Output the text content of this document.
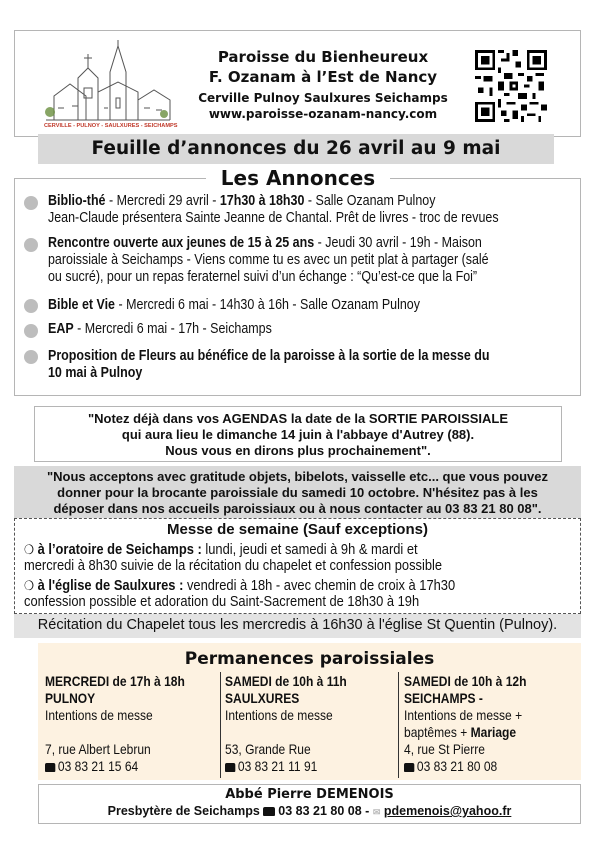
CERVILLE - PULNOY - SAULXURES - SEICHAMPS
Paroisse du Bienheureux
F. Ozanam à l’Est de Nancy
Cerville Pulnoy Saulxures Seichamps
www.paroisse-ozanam-nancy.com
Feuille d’annonces du 26 avril au 9 mai
Les Annonces
Biblio-thé - Mercredi 29 avril - 17h30 à 18h30 - Salle Ozanam Pulnoy
Jean-Claude présentera Sainte Jeanne de Chantal. Prêt de livres - troc de revues
Rencontre ouverte aux jeunes de 15 à 25 ans - Jeudi 30 avril - 19h - Maison
paroissiale à Seichamps - Viens comme tu es avec un petit plat à partager (salé
ou sucré), pour un repas feraternel suivi d’un échange : “Qu’est-ce que la Foi”
Bible et Vie - Mercredi 6 mai - 14h30 à 16h - Salle Ozanam Pulnoy
EAP - Mercredi 6 mai - 17h - Seichamps
Proposition de Fleurs au bénéfice de la paroisse à la sortie de la messe du
10 mai à Pulnoy
"Notez déjà dans vos AGENDAS la date de la SORTIE PAROISSIALE
qui aura lieu le dimanche 14 juin à l'abbaye d'Autrey (88).
Nous vous en dirons plus prochainement".
"Nous acceptons avec gratitude objets, bibelots, vaisselle etc... que vous pouvez
donner pour la brocante paroissiale du samedi 10 octobre. N'hésitez pas à les
déposer dans nos accueils paroissiaux ou à nous contacter au 03 83 21 80 08".
Messe de semaine (Sauf exceptions)
❍ à l’oratoire de Seichamps : lundi, jeudi et samedi à 9h & mardi et
mercredi à 8h30 suivie de la récitation du chapelet et confession possible
❍ à l'église de Saulxures : vendredi à 18h - avec chemin de croix à 17h30
confession possible et adoration du Saint-Sacrement de 18h30 à 19h
Récitation du Chapelet tous les mercredis à 16h30 à l'église St Quentin (Pulnoy).
Permanences paroissiales
MERCREDI de 17h à 18h
PULNOY
Intentions de messe
7, rue Albert Lebrun
03 83 21 15 64
SAMEDI de 10h à 11h
SAULXURES
Intentions de messe
53, Grande Rue
03 83 21 11 91
SAMEDI de 10h à 12h
SEICHAMPS -
Intentions de messe +
baptêmes + Mariage
4, rue St Pierre
03 83 21 80 08
Abbé Pierre DEMENOIS
Presbytère de Seichamps 03 83 21 80 08 - ✉ pdemenois@yahoo.fr
